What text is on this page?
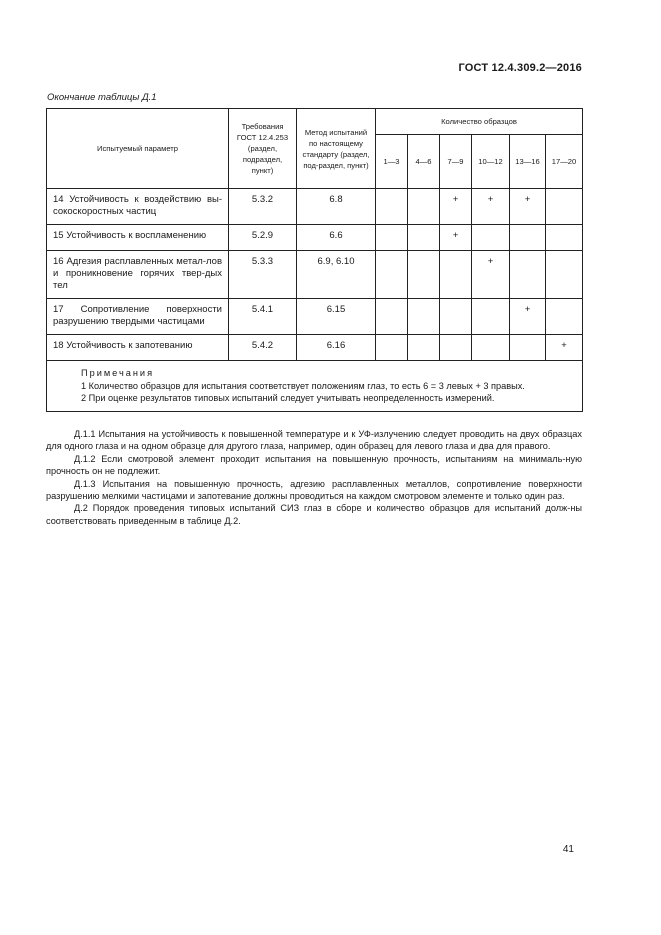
ГОСТ 12.4.309.2—2016
Окончание таблицы Д.1
Испытуемый параметр	Требования ГОСТ 12.4.253 (раздел, подраздел, пункт)	Метод испытаний по настоящему стандарту (раздел, под-раздел, пункт)	Количество образцов					
			1—3	4—6	7—9	10—12	13—16	17—20
14 Устойчивость к воздействию вы-сокоскоростных частиц	5.3.2	6.8			+	+	+	
15 Устойчивость к воспламенению	5.2.9	6.6			+			
16 Адгезия расплавленных метал-лов и проникновение горячих твер-дых тел	5.3.3	6.9, 6.10				+		
17 Сопротивление поверхности разрушению твердыми частицами	5.4.1	6.15					+	
18 Устойчивость к запотеванию	5.4.2	6.16						+

Примечания
1 Количество образцов для испытания соответствует положениям глаз, то есть 6 = 3 левых + 3 правых.
2 При оценке результатов типовых испытаний следует учитывать неопределенность измерений.								

Д.1.1 Испытания на устойчивость к повышенной температуре и к УФ-излучению следует проводить на двух образцах для одного глаза и на одном образце для другого глаза, например, один образец для левого глаза и два для правого.

Д.1.2 Если смотровой элемент проходит испытания на повышенную прочность, испытаниям на минималь-ную прочность он не подлежит.

Д.1.3 Испытания на повышенную прочность, адгезию расплавленных металлов, сопротивление поверхности разрушению мелкими частицами и запотевание должны проводиться на каждом смотровом элементе и только один раз.

Д.2 Порядок проведения типовых испытаний СИЗ глаз в сборе и количество образцов для испытаний долж-ны соответствовать приведенным в таблице Д.2.

41
